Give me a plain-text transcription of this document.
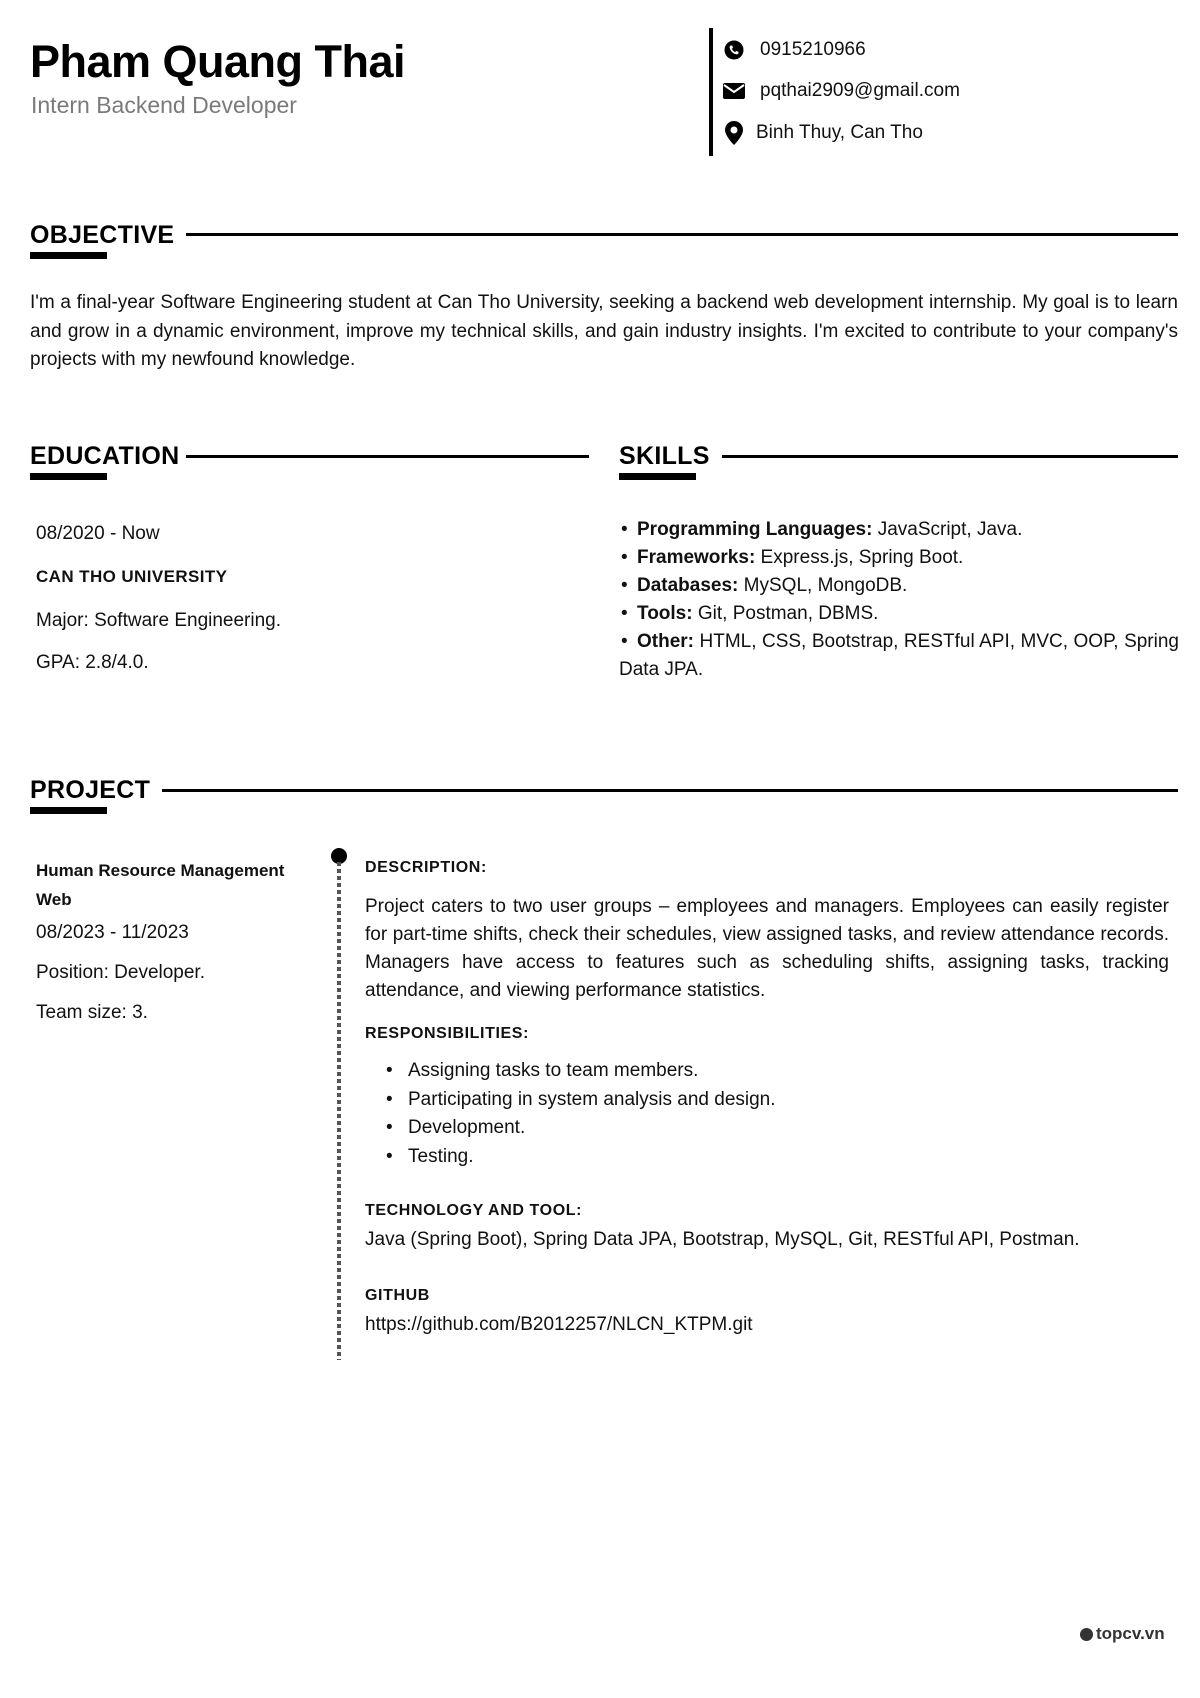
Pham Quang Thai
Intern Backend Developer
0915210966
pqthai2909@gmail.com
Binh Thuy, Can Tho
OBJECTIVE
I'm a final-year Software Engineering student at Can Tho University, seeking a backend web development internship. My goal is to learn and grow in a dynamic environment, improve my technical skills, and gain industry insights. I'm excited to contribute to your company's projects with my newfound knowledge.
EDUCATION
08/2020 - Now
CAN THO UNIVERSITY
Major: Software Engineering.
GPA: 2.8/4.0.
SKILLS
• Programming Languages: JavaScript, Java.
• Frameworks: Express.js, Spring Boot.
• Databases: MySQL, MongoDB.
• Tools: Git, Postman, DBMS.
• Other: HTML, CSS, Bootstrap, RESTful API, MVC, OOP, Spring Data JPA.
PROJECT
Human Resource Management Web
08/2023 - 11/2023
Position: Developer.
Team size: 3.
DESCRIPTION:
Project caters to two user groups – employees and managers. Employees can easily register for part-time shifts, check their schedules, view assigned tasks, and review attendance records. Managers have access to features such as scheduling shifts, assigning tasks, tracking attendance, and viewing performance statistics.
RESPONSIBILITIES:
• Assigning tasks to team members.
• Participating in system analysis and design.
• Development.
• Testing.
TECHNOLOGY AND TOOL:
Java (Spring Boot), Spring Data JPA, Bootstrap, MySQL, Git, RESTful API, Postman.
GITHUB
https://github.com/B2012257/NLCN_KTPM.git
topcv.vn
